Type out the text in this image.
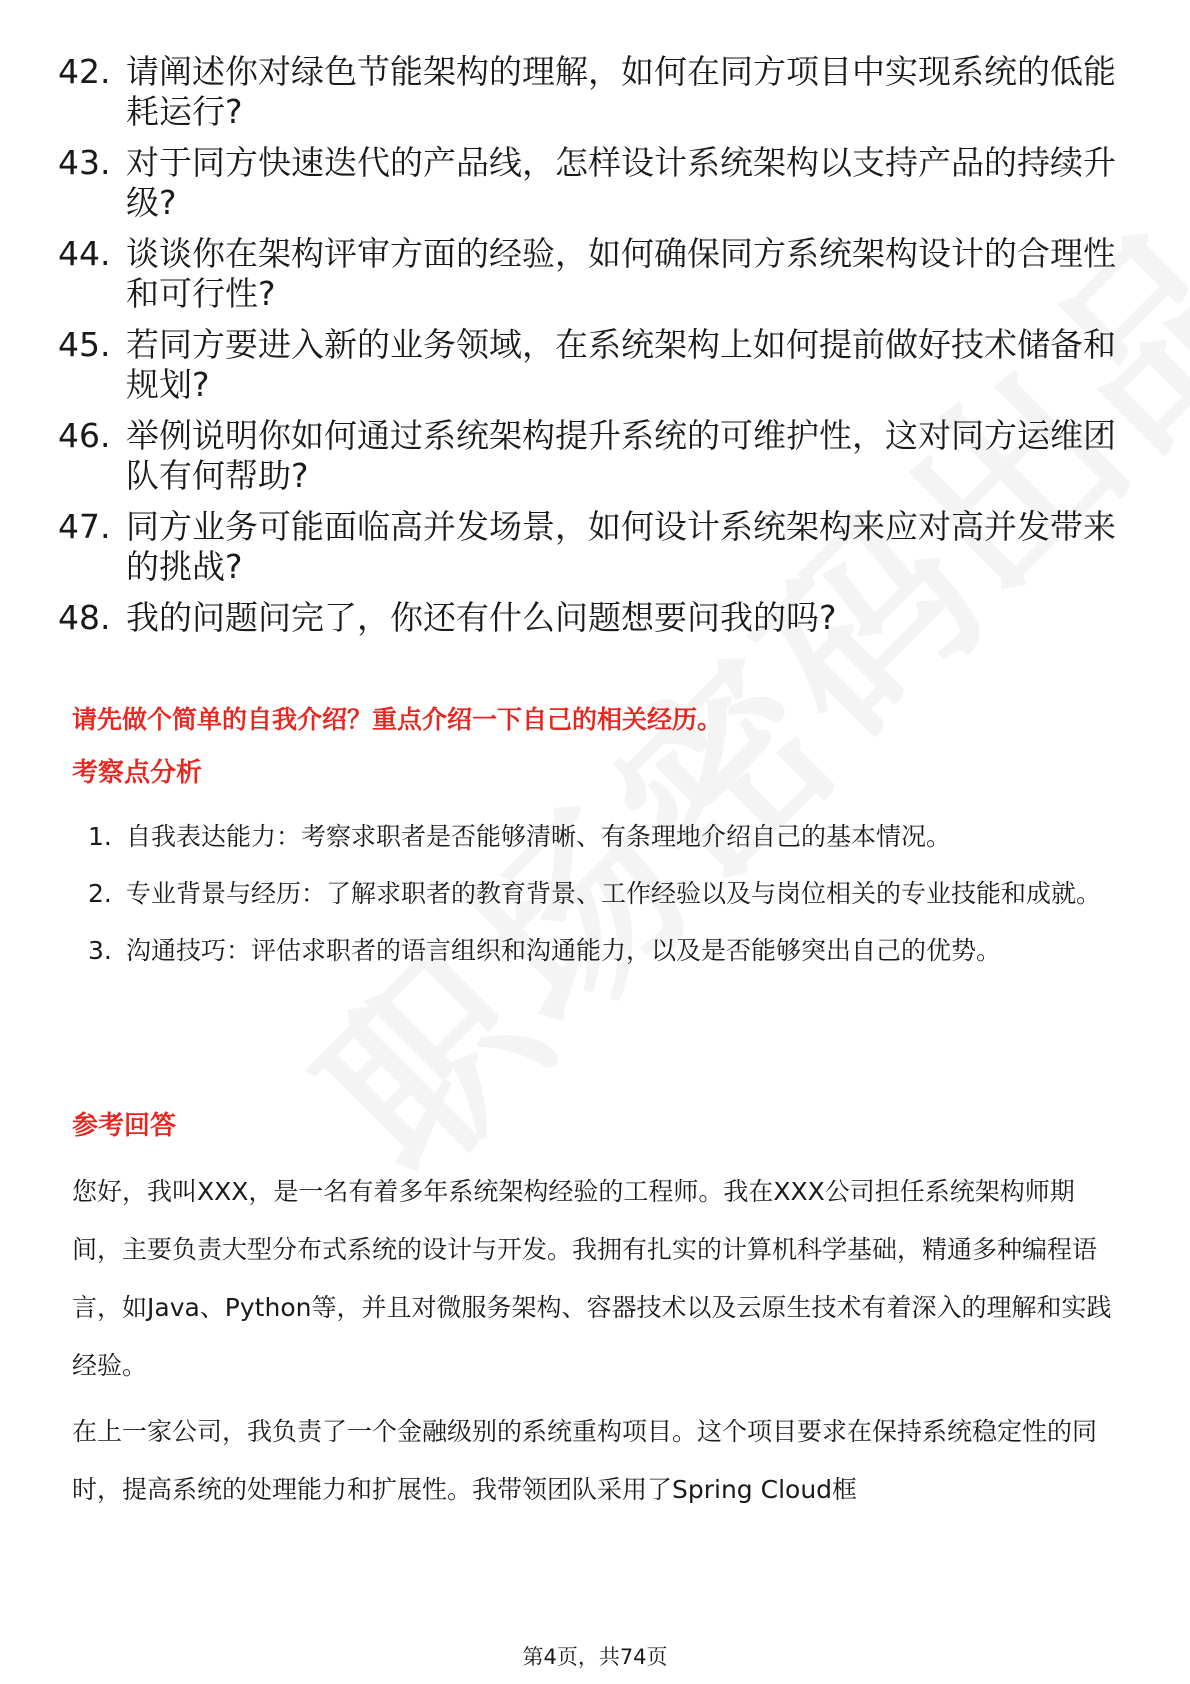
42. 请阐述你对绿色节能架构的理解，如何在同方项目中实现系统的低能耗运行?
43. 对于同方快速迭代的产品线，怎样设计系统架构以支持产品的持续升级?
44. 谈谈你在架构评审方面的经验，如何确保同方系统架构设计的合理性和可行性?
45. 若同方要进入新的业务领域，在系统架构上如何提前做好技术储备和规划?
46. 举例说明你如何通过系统架构提升系统的可维护性，这对同方运维团队有何帮助?
47. 同方业务可能面临高并发场景，如何设计系统架构来应对高并发带来的挑战?
48. 我的问题问完了，你还有什么问题想要问我的吗?
请先做个简单的自我介绍？重点介绍一下自己的相关经历。
考察点分析
1. 自我表达能力：考察求职者是否能够清晰、有条理地介绍自己的基本情况。
2. 专业背景与经历：了解求职者的教育背景、工作经验以及与岗位相关的专业技能和成就。
3. 沟通技巧：评估求职者的语言组织和沟通能力，以及是否能够突出自己的优势。
参考回答
您好，我叫XXX，是一名有着多年系统架构经验的工程师。我在XXX公司担任系统架构师期间，主要负责大型分布式系统的设计与开发。我拥有扎实的计算机科学基础，精通多种编程语言，如Java、Python等，并且对微服务架构、容器技术以及云原生技术有着深入的理解和实践经验。
在上一家公司，我负责了一个金融级别的系统重构项目。这个项目要求在保持系统稳定性的同时，提高系统的处理能力和扩展性。我带领团队采用了Spring Cloud框
第4页，共74页
